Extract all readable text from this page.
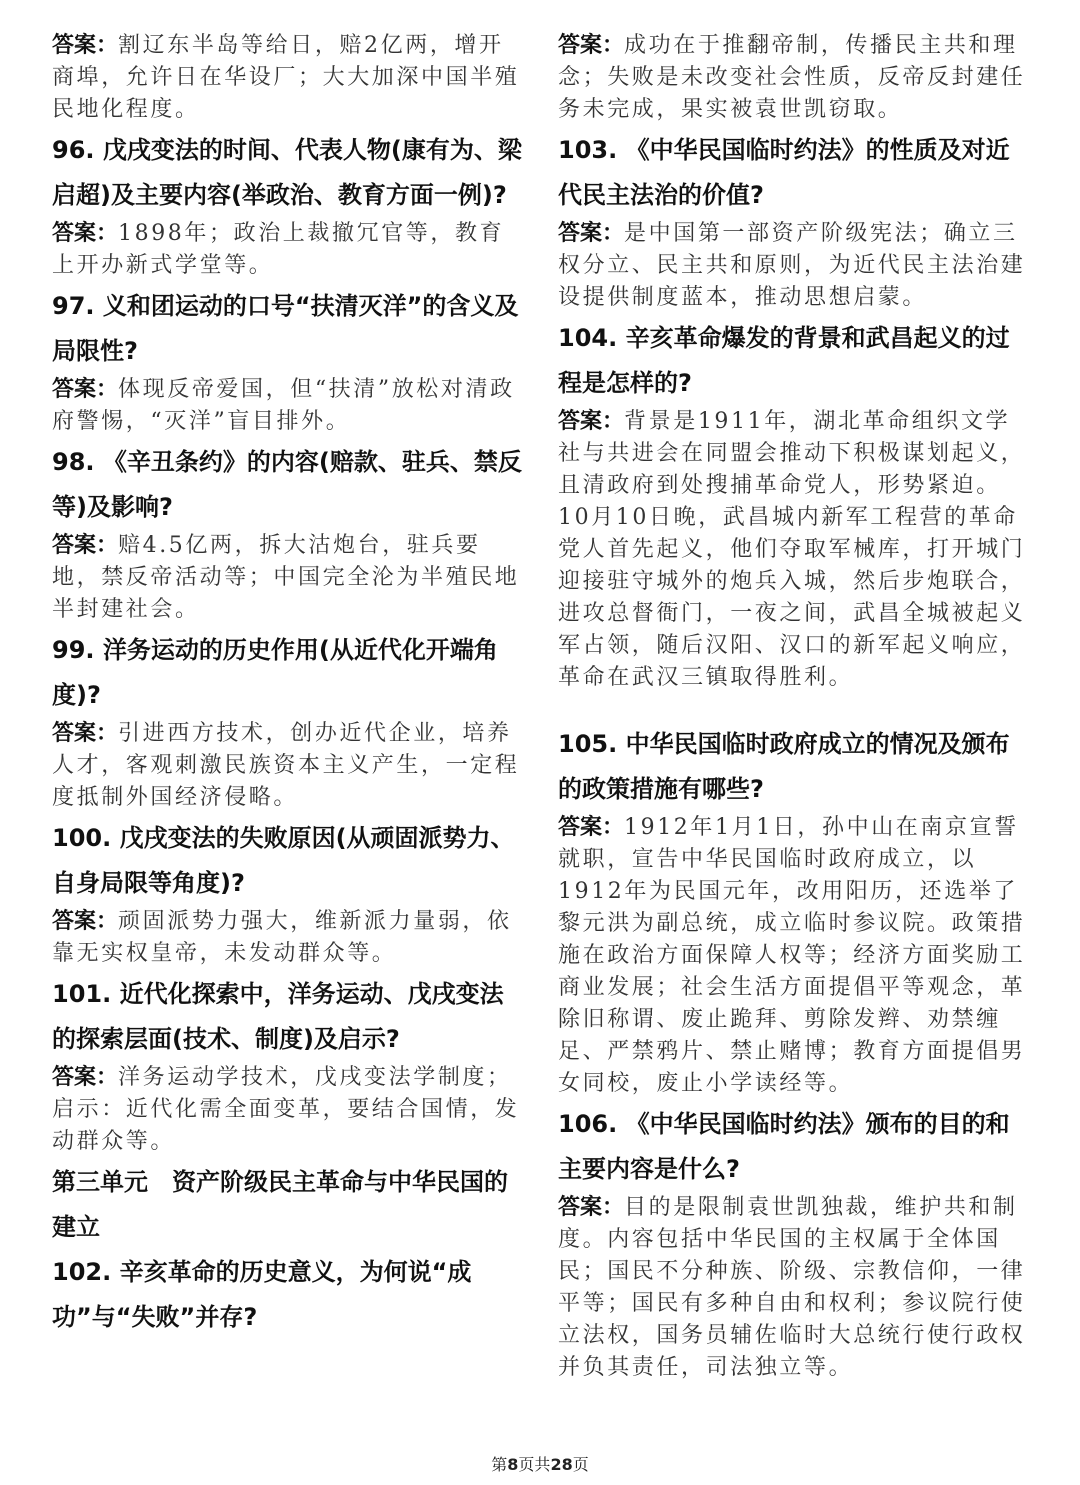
答案：割辽东半岛等给日，赔2亿两，增开商埠，允许日在华设厂；大大加深中国半殖民地化程度。

96. 戊戌变法的时间、代表人物(康有为、梁启超)及主要内容(举政治、教育方面一例)?

答案：1898年；政治上裁撤冗官等，教育上开办新式学堂等。

97. 义和团运动的口号“扶清灭洋”的含义及局限性?

答案：体现反帝爱国，但“扶清”放松对清政府警惕，“灭洋”盲目排外。

98. 《辛丑条约》的内容(赔款、驻兵、禁反等)及影响?

答案：赔4.5亿两，拆大沽炮台，驻兵要地，禁反帝活动等；中国完全沦为半殖民地半封建社会。

99. 洋务运动的历史作用(从近代化开端角度)?

答案：引进西方技术，创办近代企业，培养人才，客观刺激民族资本主义产生，一定程度抵制外国经济侵略。

100. 戊戌变法的失败原因(从顽固派势力、自身局限等角度)?

答案：顽固派势力强大，维新派力量弱，依靠无实权皇帝，未发动群众等。

101. 近代化探索中，洋务运动、戊戌变法的探索层面(技术、制度)及启示?

答案：洋务运动学技术，戊戌变法学制度；启示：近代化需全面变革，要结合国情，发动群众等。

第三单元　资产阶级民主革命与中华民国的建立

102. 辛亥革命的历史意义，为何说“成功”与“失败”并存?

答案：成功在于推翻帝制，传播民主共和理念；失败是未改变社会性质，反帝反封建任务未完成，果实被袁世凯窃取。

103. 《中华民国临时约法》的性质及对近代民主法治的价值?

答案：是中国第一部资产阶级宪法；确立三权分立、民主共和原则，为近代民主法治建设提供制度蓝本，推动思想启蒙。

104. 辛亥革命爆发的背景和武昌起义的过程是怎样的?

答案：背景是1911年，湖北革命组织文学社与共进会在同盟会推动下积极谋划起义，且清政府到处搜捕革命党人，形势紧迫。10月10日晚，武昌城内新军工程营的革命党人首先起义，他们夺取军械库，打开城门迎接驻守城外的炮兵入城，然后步炮联合，进攻总督衙门，一夜之间，武昌全城被起义军占领，随后汉阳、汉口的新军起义响应，革命在武汉三镇取得胜利。

105. 中华民国临时政府成立的情况及颁布的政策措施有哪些?

答案：1912年1月1日，孙中山在南京宣誓就职，宣告中华民国临时政府成立，以1912年为民国元年，改用阳历，还选举了黎元洪为副总统，成立临时参议院。政策措施在政治方面保障人权等；经济方面奖励工商业发展；社会生活方面提倡平等观念，革除旧称谓、废止跪拜、剪除发辫、劝禁缠足、严禁鸦片、禁止赌博；教育方面提倡男女同校，废止小学读经等。

106. 《中华民国临时约法》颁布的目的和主要内容是什么?

答案：目的是限制袁世凯独裁，维护共和制度。内容包括中华民国的主权属于全体国民；国民不分种族、阶级、宗教信仰，一律平等；国民有多种自由和权利；参议院行使立法权，国务员辅佐临时大总统行使行政权并负其责任，司法独立等。

第8页共28页
